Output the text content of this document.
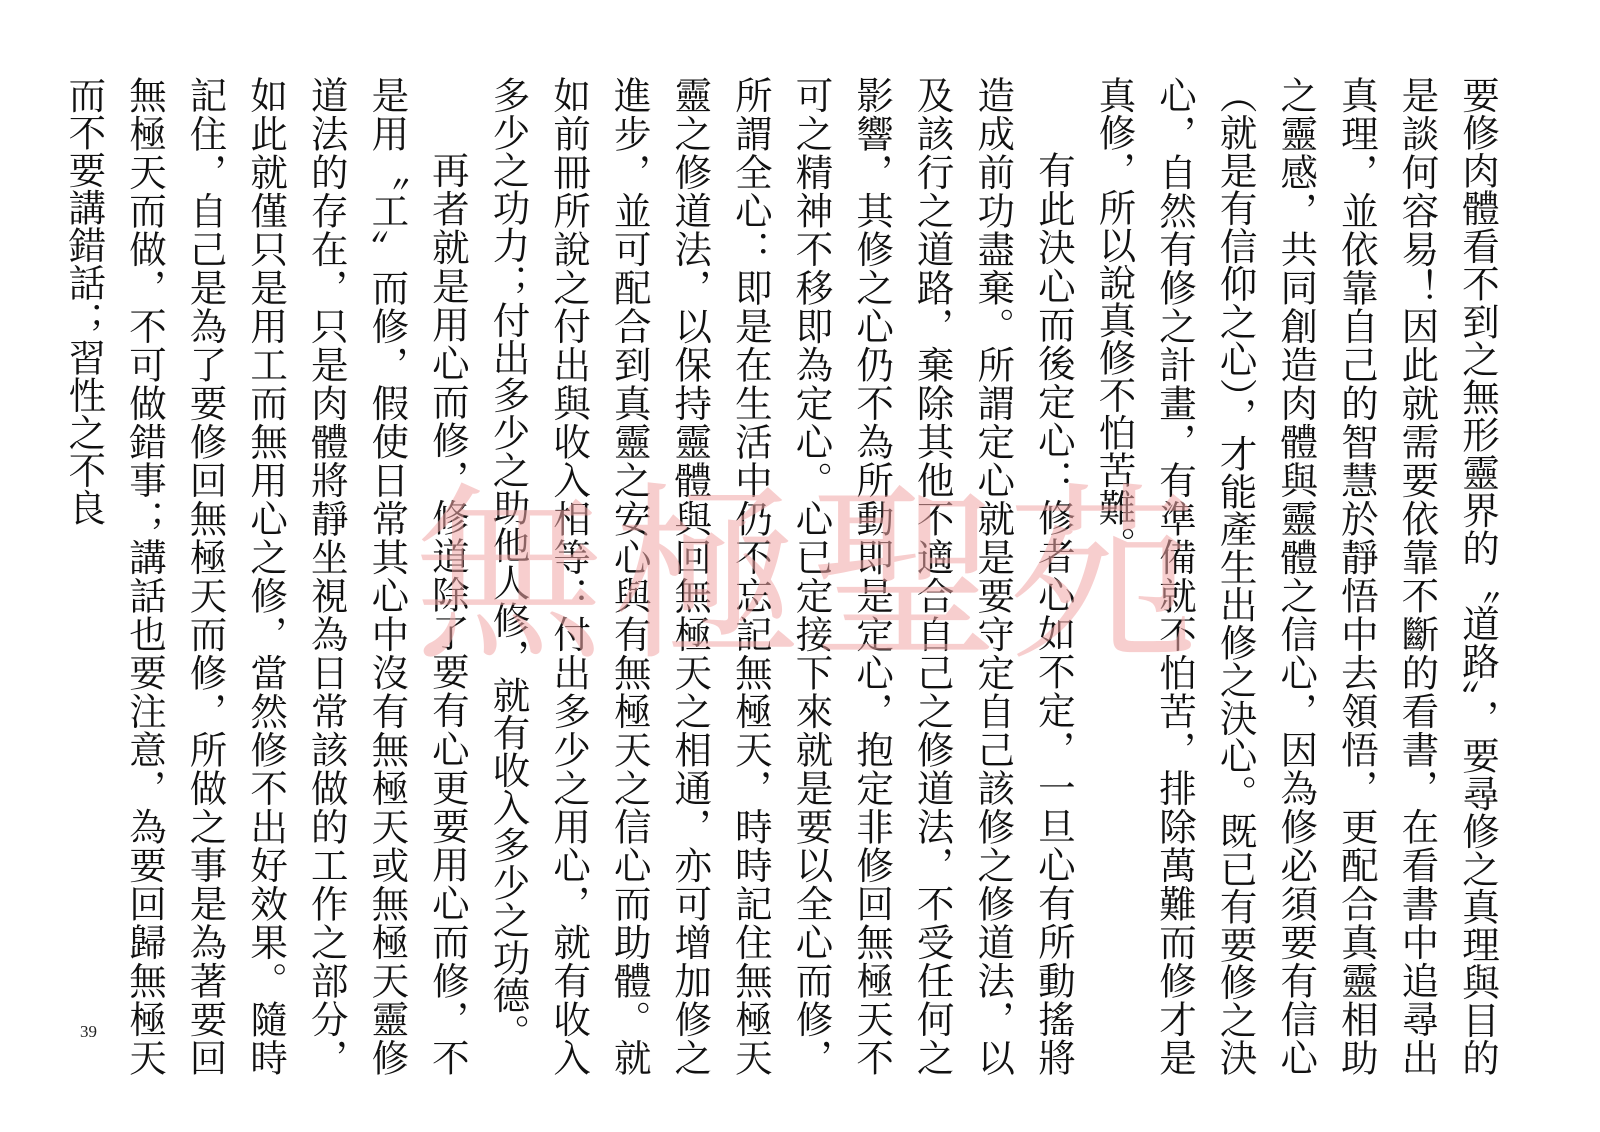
要修肉體看不到之無形靈界的〝道路〞，要尋修之真理與目的是談何容易！因此就需要依靠不斷的看書，在看書中追尋出真理，並依靠自己的智慧於靜悟中去領悟，更配合真靈相助之靈感，共同創造肉體與靈體之信心，因為修必須要有信心（就是有信仰之心），才能產生出修之決心。既已有要修之決心，自然有修之計畫，有準備就不怕苦，排除萬難而修才是真修，所以說真修不怕苦難。

有此決心而後定心：修者心如不定，一旦心有所動搖將造成前功盡棄。所謂定心就是要守定自己該修之修道法，以及該行之道路，棄除其他不適合自己之修道法，不受任何之影響，其修之心仍不為所動即是定心，抱定非修回無極天不可之精神不移即為定心。心已定接下來就是要以全心而修，所謂全心：即是在生活中仍不忘記無極天，時時記住無極天靈之修道法，以保持靈體與回無極天之相通，亦可增加修之進步，並可配合到真靈之安心與有無極天之信心而助體。就如前冊所說之付出與收入相等：付出多少之用心，就有收入多少之功力；付出多少之助他人修，就有收入多少之功德。

再者就是用心而修，修道除了要有心更要用心而修，不是用〝工〞而修，假使日常其心中沒有無極天或無極天靈修道法的存在，只是肉體將靜坐視為日常該做的工作之部分，如此就僅只是用工而無用心之修，當然修不出好效果。隨時記住，自己是為了要修回無極天而修，所做之事是為著要回無極天而做，不可做錯事；講話也要注意，為要回歸無極天而不要講錯話；習性之不良

無極聖苑
39
